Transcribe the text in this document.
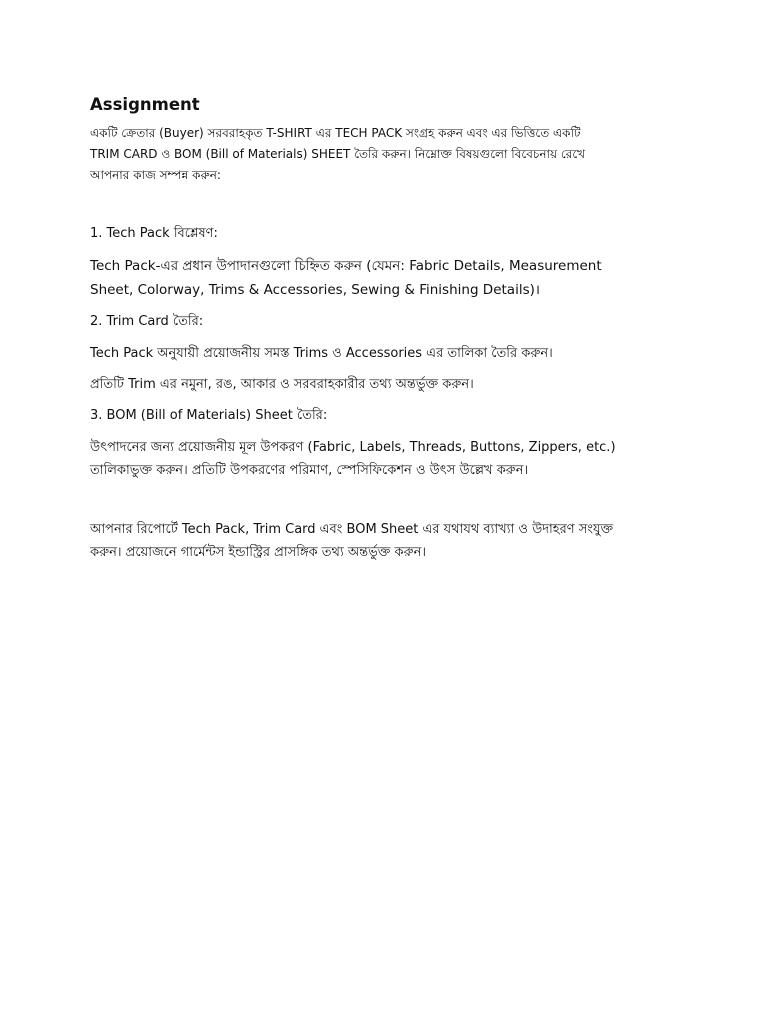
Assignment

একটি ক্রেতার (Buyer) সরবরাহকৃত T-SHIRT এর TECH PACK সংগ্রহ করুন এবং এর ভিত্তিতে একটি
TRIM CARD ও BOM (Bill of Materials) SHEET তৈরি করুন। নিম্নোক্ত বিষয়গুলো বিবেচনায় রেখে
আপনার কাজ সম্পন্ন করুন:

1. Tech Pack বিশ্লেষণ:

Tech Pack-এর প্রধান উপাদানগুলো চিহ্নিত করুন (যেমন: Fabric Details, Measurement
Sheet, Colorway, Trims & Accessories, Sewing & Finishing Details)।

2. Trim Card তৈরি:

Tech Pack অনুযায়ী প্রয়োজনীয় সমস্ত Trims ও Accessories এর তালিকা তৈরি করুন।

প্রতিটি Trim এর নমুনা, রঙ, আকার ও সরবরাহকারীর তথ্য অন্তর্ভুক্ত করুন।

3. BOM (Bill of Materials) Sheet তৈরি:

উৎপাদনের জন্য প্রয়োজনীয় মূল উপকরণ (Fabric, Labels, Threads, Buttons, Zippers, etc.)
তালিকাভুক্ত করুন। প্রতিটি উপকরণের পরিমাণ, স্পেসিফিকেশন ও উৎস উল্লেখ করুন।

আপনার রিপোর্টে Tech Pack, Trim Card এবং BOM Sheet এর যথাযথ ব্যাখ্যা ও উদাহরণ সংযুক্ত
করুন। প্রয়োজনে গার্মেন্টস ইন্ডাস্ট্রির প্রাসঙ্গিক তথ্য অন্তর্ভুক্ত করুন।
